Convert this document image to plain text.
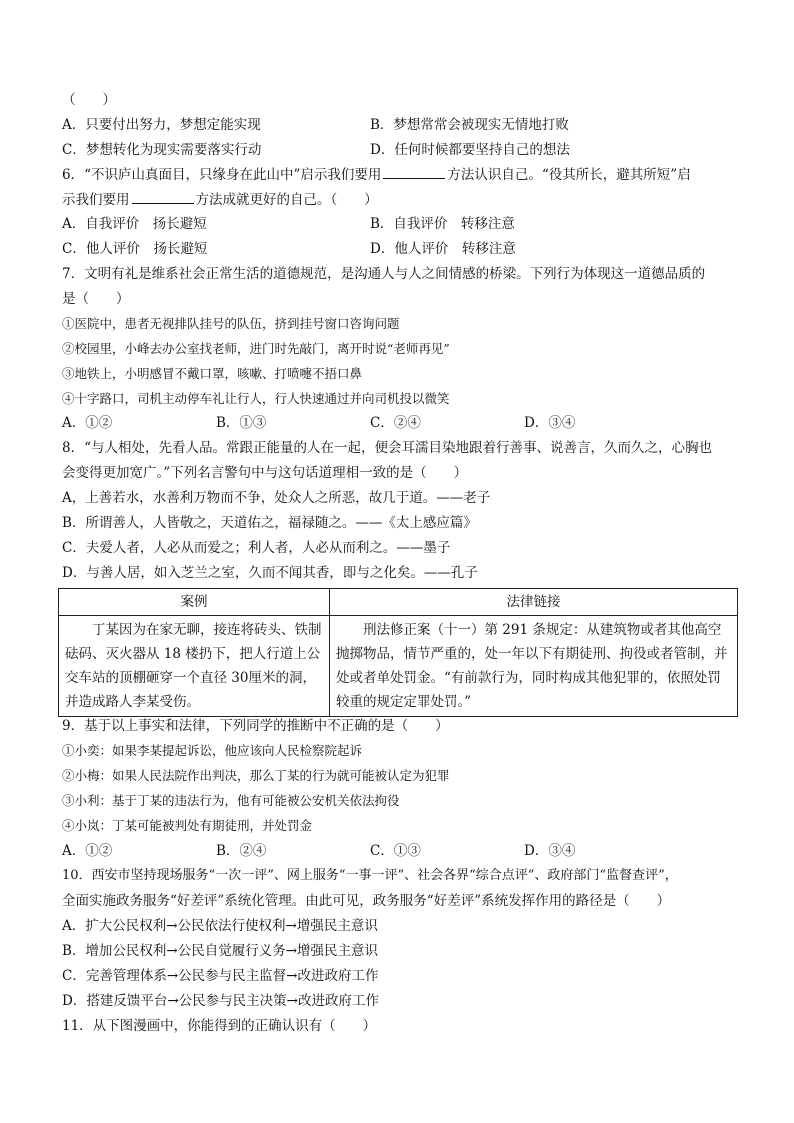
（　　）
A．只要付出努力，梦想定能实现	B．梦想常常会被现实无情地打败
C．梦想转化为现实需要落实行动	D．任何时候都要坚持自己的想法
6．“不识庐山真面目，只缘身在此山中”启示我们要用	方法认识自己。“役其所长，避其所短”启
示我们要用	方法成就更好的自己。（　　）
A．自我评价　扬长避短	B．自我评价　转移注意
C．他人评价　扬长避短	D．他人评价　转移注意
7．文明有礼是维系社会正常生活的道德规范，是沟通人与人之间情感的桥梁。下列行为体现这一道德品质的
是（　　）
①医院中，患者无视排队挂号的队伍，挤到挂号窗口咨询问题
②校园里，小峰去办公室找老师，进门时先敲门，离开时说“老师再见”
③地铁上，小明感冒不戴口罩，咳嗽、打喷嚏不捂口鼻
④十字路口，司机主动停车礼让行人，行人快速通过并向司机投以微笑
A．①②	B．①③	C．②④	D．③④
8．“与人相处，先看人品。常跟正能量的人在一起，便会耳濡目染地跟着行善事、说善言，久而久之，心胸也
会变得更加宽广。”下列名言警句中与这句话道理相一致的是（　　）
A，上善若水，水善利万物而不争，处众人之所恶，故几于道。——老子
B．所谓善人，人皆敬之，天道佑之，福禄随之。——《太上感应篇》
C．夫爱人者，人必从而爱之；利人者，人必从而利之。——墨子
D．与善人居，如入芝兰之室，久而不闻其香，即与之化矣。——孔子
案例	法律链接

丁某因为在家无聊，接连将砖头、铁制砝码、灭火器从 18 楼扔下，把人行道上公交车站的顶棚砸穿一个直径 30厘米的洞，并造成路人李某受伤。	刑法修正案（十一）第 291 条规定：从建筑物或者其他高空抛掷物品，情节严重的，处一年以下有期徒刑、拘役或者管制，并处或者单处罚金。“有前款行为，同时构成其他犯罪的，依照处罚较重的规定定罪处罚。”
9．基于以上事实和法律，下列同学的推断中不正确的是（　　）
①小奕：如果李某提起诉讼，他应该向人民检察院起诉
②小梅：如果人民法院作出判决，那么丁某的行为就可能被认定为犯罪
③小利：基于丁某的违法行为，他有可能被公安机关依法拘役
④小岚：丁某可能被判处有期徒刑，并处罚金
A．①②	B．②④	C．①③	D．③④
10．西安市坚持现场服务“一次一评”、网上服务“一事一评”、社会各界“综合点评”、政府部门“监督查评”，
全面实施政务服务“好差评”系统化管理。由此可见，政务服务“好差评”系统发挥作用的路径是（　　）
A．扩大公民权利→公民依法行使权利→增强民主意识
B．增加公民权利→公民自觉履行义务→增强民主意识
C．完善管理体系→公民参与民主监督→改进政府工作
D．搭建反馈平台→公民参与民主决策→改进政府工作
11．从下图漫画中，你能得到的正确认识有（　　）
